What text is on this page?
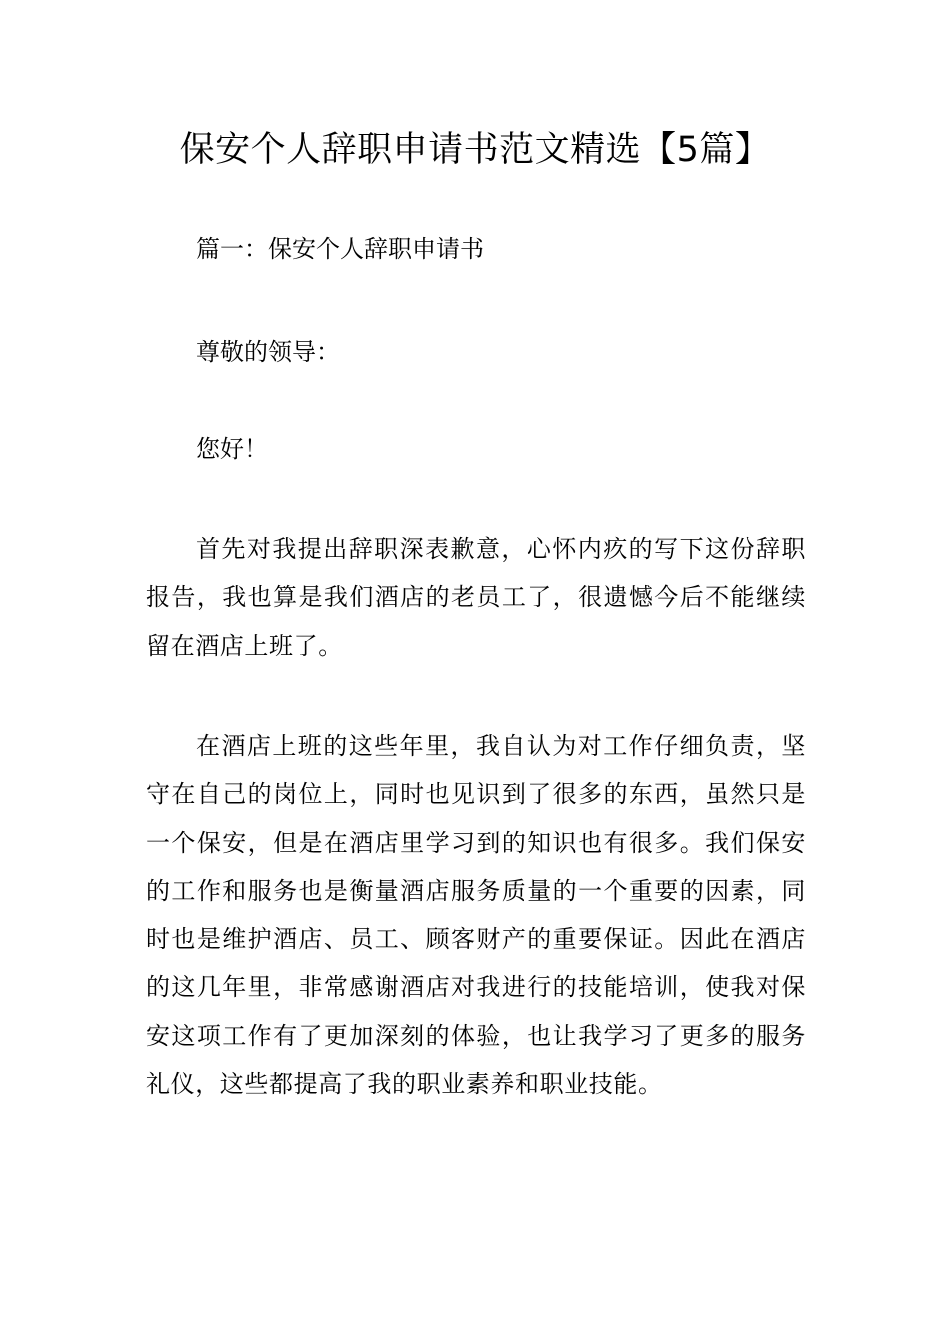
保安个人辞职申请书范文精选【5篇】

篇一：保安个人辞职申请书

尊敬的领导：

您好！

首先对我提出辞职深表歉意，心怀内疚的写下这份辞职报告，我也算是我们酒店的老员工了，很遗憾今后不能继续留在酒店上班了。

在酒店上班的这些年里，我自认为对工作仔细负责，坚守在自己的岗位上，同时也见识到了很多的东西，虽然只是一个保安，但是在酒店里学习到的知识也有很多。我们保安的工作和服务也是衡量酒店服务质量的一个重要的因素，同时也是维护酒店、员工、顾客财产的重要保证。因此在酒店的这几年里，非常感谢酒店对我进行的技能培训，使我对保安这项工作有了更加深刻的体验，也让我学习了更多的服务礼仪，这些都提高了我的职业素养和职业技能。
